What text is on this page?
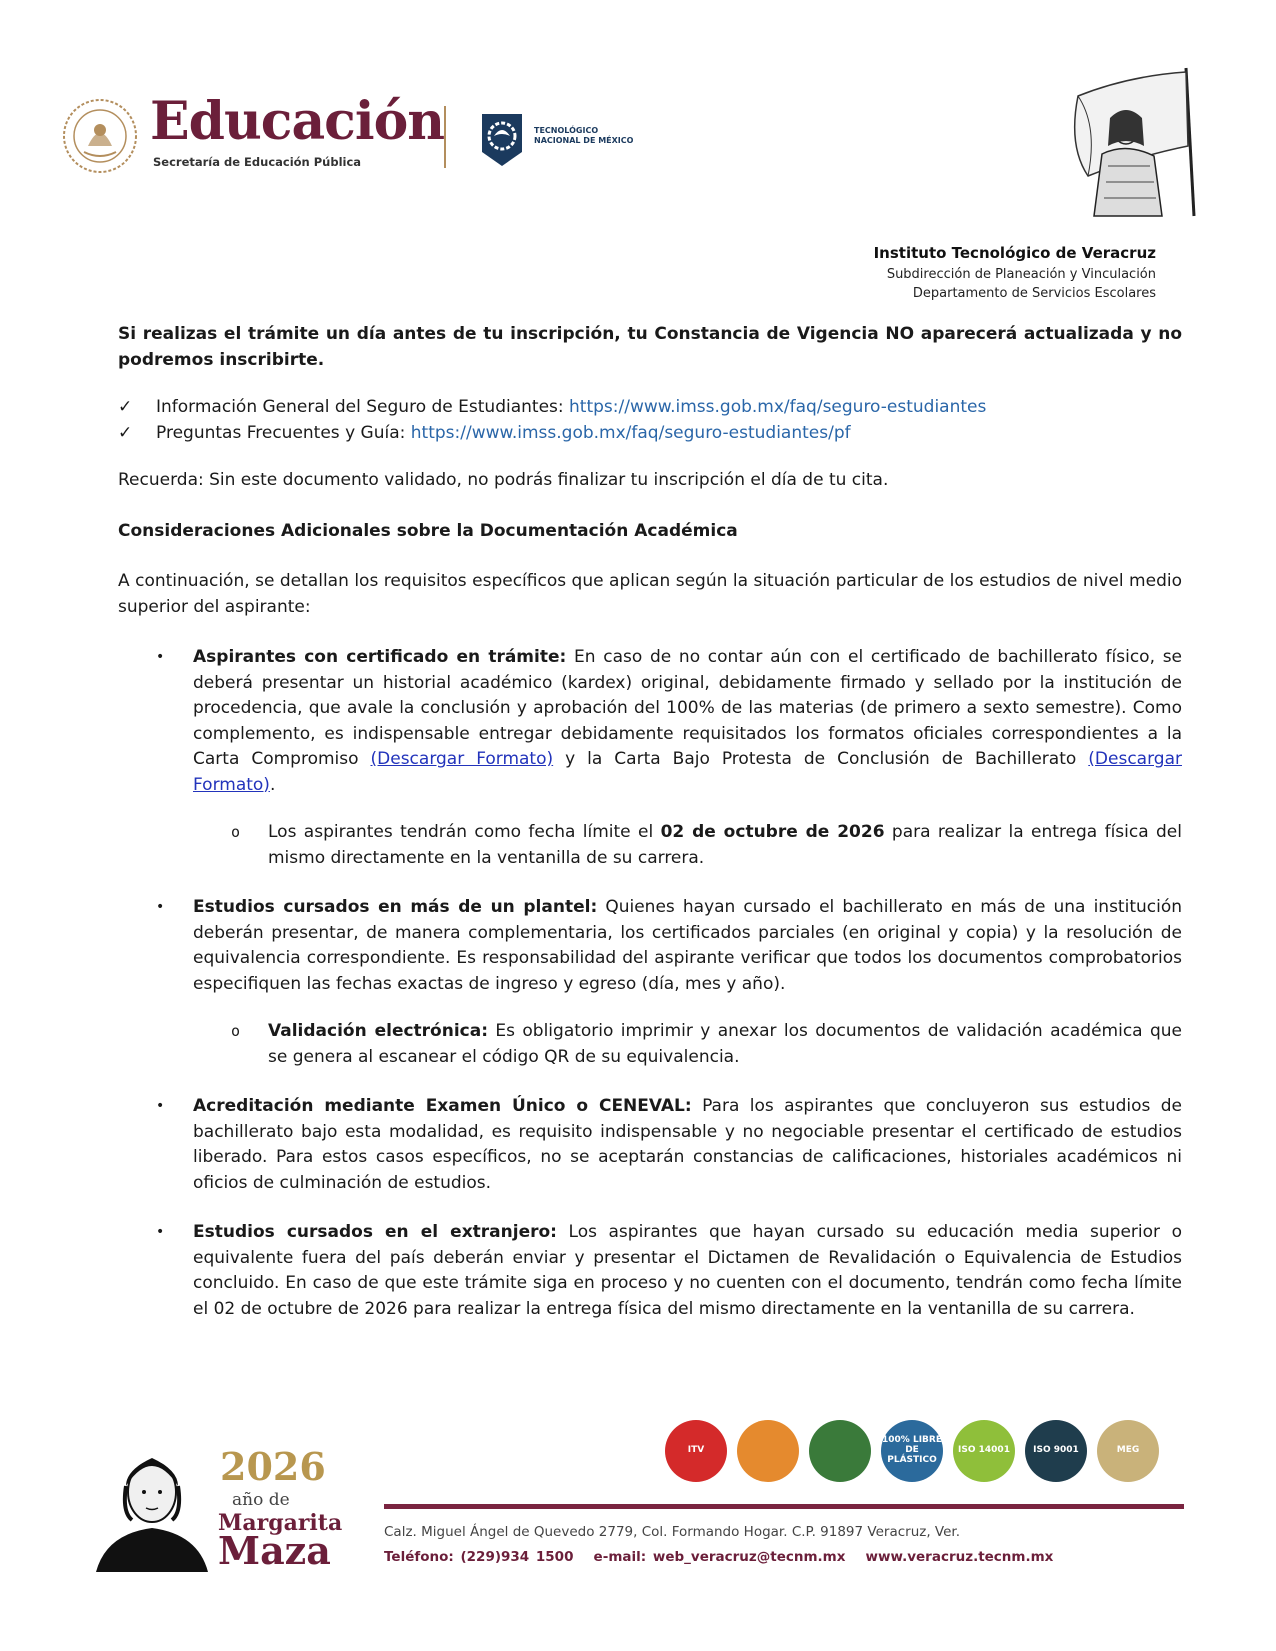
Educación
Secretaría de Educación Pública
TECNOLÓGICO
NACIONAL DE MÉXICO
Instituto Tecnológico de Veracruz
Subdirección de Planeación y Vinculación
Departamento de Servicios Escolares

Si realizas el trámite un día antes de tu inscripción, tu Constancia de Vigencia NO aparecerá actualizada y no podremos inscribirte.

✓	Información General del Seguro de Estudiantes: https://www.imss.gob.mx/faq/seguro-estudiantes
✓	Preguntas Frecuentes y Guía: https://www.imss.gob.mx/faq/seguro-estudiantes/pf

Recuerda: Sin este documento validado, no podrás finalizar tu inscripción el día de tu cita.

Consideraciones Adicionales sobre la Documentación Académica

A continuación, se detallan los requisitos específicos que aplican según la situación particular de los estudios de nivel medio superior del aspirante:

•	Aspirantes con certificado en trámite: En caso de no contar aún con el certificado de bachillerato físico, se deberá presentar un historial académico (kardex) original, debidamente firmado y sellado por la institución de procedencia, que avale la conclusión y aprobación del 100% de las materias (de primero a sexto semestre). Como complemento, es indispensable entregar debidamente requisitados los formatos oficiales correspondientes a la Carta Compromiso (Descargar Formato) y la Carta Bajo Protesta de Conclusión de Bachillerato (Descargar Formato).
o	Los aspirantes tendrán como fecha límite el 02 de octubre de 2026 para realizar la entrega física del mismo directamente en la ventanilla de su carrera.
•	Estudios cursados en más de un plantel: Quienes hayan cursado el bachillerato en más de una institución deberán presentar, de manera complementaria, los certificados parciales (en original y copia) y la resolución de equivalencia correspondiente. Es responsabilidad del aspirante verificar que todos los documentos comprobatorios especifiquen las fechas exactas de ingreso y egreso (día, mes y año).
o	Validación electrónica: Es obligatorio imprimir y anexar los documentos de validación académica que se genera al escanear el código QR de su equivalencia.
•	Acreditación mediante Examen Único o CENEVAL: Para los aspirantes que concluyeron sus estudios de bachillerato bajo esta modalidad, es requisito indispensable y no negociable presentar el certificado de estudios liberado. Para estos casos específicos, no se aceptarán constancias de calificaciones, historiales académicos ni oficios de culminación de estudios.
•	Estudios cursados en el extranjero: Los aspirantes que hayan cursado su educación media superior o equivalente fuera del país deberán enviar y presentar el Dictamen de Revalidación o Equivalencia de Estudios concluido. En caso de que este trámite siga en proceso y no cuenten con el documento, tendrán como fecha límite el 02 de octubre de 2026 para realizar la entrega física del mismo directamente en la ventanilla de su carrera.
2026
año de
Margarita
Maza
ITV
100% LIBRE DE PLÁSTICO
ISO 14001	ISO 9001	MEG
Calz. Miguel Ángel de Quevedo 2779, Col. Formando Hogar. C.P. 91897 Veracruz, Ver.
Teléfono: (229)934 1500   e-mail: web_veracruz@tecnm.mx   www.veracruz.tecnm.mx
